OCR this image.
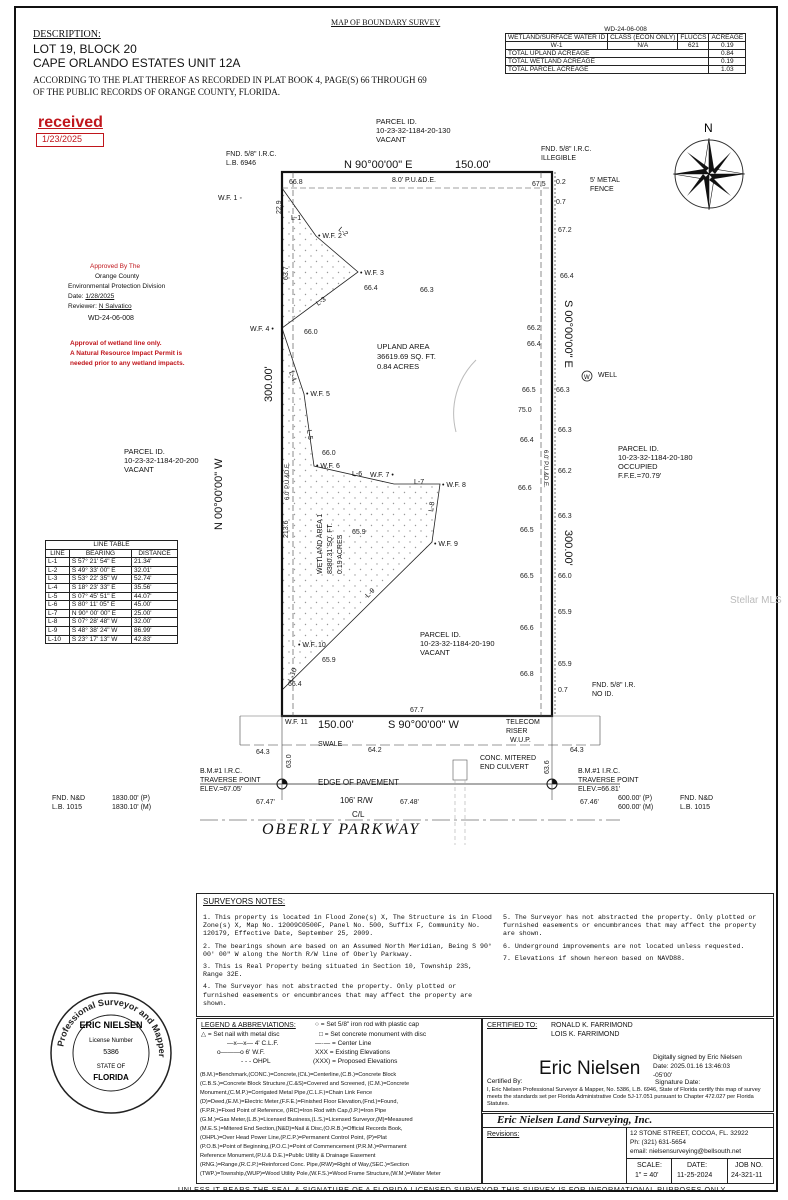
DESCRIPTION:
MAP OF BOUNDARY SURVEY
LOT 19, BLOCK 20
CAPE ORLANDO ESTATES UNIT 12A
ACCORDING TO THE PLAT THEREOF AS RECORDED IN PLAT BOOK 4, PAGE(S) 66 THROUGH 69
OF THE PUBLIC RECORDS OF ORANGE COUNTY, FLORIDA.
WD-24-06-008			
WETLAND/SURFACE WATER ID	CLASS (ECON ONLY)	FLUCCS	ACREAGE
W-1	N/A	621	0.19
TOTAL UPLAND ACREAGE			0.84
TOTAL WETLAND ACREAGE			0.19
TOTAL PARCEL ACREAGE			1.03
received
1/23/2025
Approved By The
Orange County
Environmental Protection Division
Date: 1/28/2025
Reviewer: N Salvatico
WD-24-06-008
Approval of wetland line only.
A Natural Resource Impact Permit is
needed prior to any wetland impacts.
W
N
W.F. 1 ◦
• W.F. 2
• W.F. 3
W.F. 4 •
• W.F. 5
• W.F. 6
W.F. 7 •
• W.F. 8
• W.F. 9
• W.F. 10
W.F. 11
L-1
L-2
L-3
L-4
L-5
L-6
L-7
L-8
L-9
L-10
66.8	67.5 0.2
22.9
66.4	66.3
66.0
0.7
67.2
66.4
66.2
66.4
66.5
75.0
66.3
66.4
66.3
66.2
66.6
66.3
66.5
66.0
66.5
65.9
66.6
65.9
66.8
0.7
66.0
65.9
65.9
66.4
63.7
213.6
67.7
64.3	64.2	64.3
63.0	63.6
67.47'	67.48'	67.46'
PARCEL ID.
10-23-32-1184-20-130
VACANT
FND. 5/8" I.R.C.
L.B. 6946
FND. 5/8" I.R.C.
ILLEGIBLE
N 90°00'00" E	150.00'
8.0' P.U.&D.E.	5' METAL
FENCE
UPLAND AREA
36619.69 SQ. FT.
0.84 ACRES
WELL
PARCEL ID.
10-23-32-1184-20-200
VACANT
PARCEL ID.
10-23-32-1184-20-180
OCCUPIED
F.F.E.=70.79'
PARCEL ID.
10-23-32-1184-20-190
VACANT
N 00°00'00" W
300.00'
S 00°00'00" E
300.00'
WETLAND AREA 1 8380.31 SQ. FT. 0.19 ACRES
6.0' P.U.&D.E.	6.0' P.U.&D.E.
150.00'	S 90°00'00" W
FND. 5/8" I.R.
NO ID.
TELECOM
RISER
W.U.P.
SWALE
CONC. MITERED
END CULVERT
B.M.#1 I.R.C.
TRAVERSE POINT
ELEV.=67.05'
B.M.#1 I.R.C.
TRAVERSE POINT
ELEV.=66.81'
EDGE OF PAVEMENT
FND. N&D
L.B. 1015
1830.00' (P)
1830.10' (M)
106' R/W
C/L
600.00' (P)
600.00' (M)
FND. N&D
L.B. 1015
OBERLY PARKWAY
Stellar MLS
LINE TABLE		
LINE	BEARING	DISTANCE
L-1	S 57° 21' 54" E	21.34'
L-2	S 49° 33' 00" E	32.01'
L-3	S 53° 22' 35" W	52.74'
L-4	S 18° 23' 33" E	35.56'
L-5	S 07° 45' 51" E	44.07'
L-6	S 80° 11' 05" E	45.00'
L-7	N 90° 00' 00" E	25.00'
L-8	S 07° 28' 48" W	32.00'
L-9	S 48° 38' 24" W	86.99'
L-10	S 23° 17' 13" W	42.83'
SURVEYORS NOTES:

1. This property is located in Flood Zone(s) X, The Structure is in Flood Zone(s) X, Map No. 12009C0500F, Panel No. 500, Suffix F, Community No. 120179, Effective Date, September 25, 2009.

2. The bearings shown are based on an Assumed North Meridian, Being S 90° 00' 00" W along the North R/W line of Oberly Parkway.

3. This is Real Property being situated in Section 10, Township 23S, Range 32E.

4. The Surveyor has not abstracted the property. Only plotted or furnished easements or encumbrances that may affect the property are shown.

5. The Surveyor has not abstracted the property. Only plotted or furnished easements or encumbrances that may affect the property are shown.

6. Underground improvements are not located unless requested.

7. Elevations if shown hereon based on NAVD88.

Professional Surveyor and Mapper
ERIC NIELSEN
License Number
5386
STATE OF
FLORIDA
LEGEND & ABBREVIATIONS:	○ = Set 5/8" iron rod with plastic cap
△ = Set nail with metal disc	□ = Set concrete monument with disc
—x—x— 4' C.L.F.	—·— = Center Line
o———o 6' W.F.	XXX = Existing Elevations
- - - OHPL	(XXX) = Proposed Elevations
(B.M.)=Benchmark,(CONC.)=Concrete,(C\L)=Centerline,(C.B.)=Concrete Block
(C.B.S.)=Concrete Block Structure,(C.&S)=Covered and Screened, (C.M.)=Concrete
Monument,(C.M.P.)=Corrigated Metal Pipe,(C.L.F.)=Chain Link Fence
(D)=Deed,(E.M.)=Electric Meter,(F.F.E.)=Finished Floor Elevation,(Fnd.)=Found,
(F.P.R.)=Fixed Point of Reference, (IRC)=Iron Rod with Cap,(I.P.)=Iron Pipe
(G.M.)=Gas Meter,(L.B.)=Licensed Business,(L.S.)=Licensed Surveyor,(M)=Measured
(M.E.S.)=Mitered End Section,(N&D)=Nail & Disc,(O.R.B.)=Official Records Book,
(OHPL)=Over Head Power Line,(P.C.P.)=Permanent Control Point, (P)=Plat
(P.O.B.)=Point of Beginning,(P.O.C.)=Point of Commencement (P.R.M.)=Permanent
Reference Monument,(P.U.& D.E.)=Public Utility & Drainage Easement
(RNG.)=Range,(R.C.P.)=Reinforced Conc. Pipe,(R\W)=Right of Way,(SEC.)=Section
(TWP.)=Township,(WUP)=Wood Utility Pole,(W.F.S.)=Wood Frame Structure,(W.M.)=Water Meter
CERTIFIED TO: RONALD K. FARRIMOND
LOIS K. FARRIMOND
Eric Nielsen
Digitally signed by Eric Nielsen
Date: 2025.01.16 13:46:03
-05'00'
Certified By:	Signature Date:
I, Eric Nielsen Professional Surveyor & Mapper, No. 5386, L.B. 6946, State of Florida certify this map of survey meets the standards set per Florida Administrative Code 5J-17.051 pursuant to Chapter 472.027 per Florida Statutes.
Eric Nielsen Land Surveying, Inc.
Revisions:	12 STONE STREET, COCOA, FL. 32922
Ph: (321) 631-5654
email: nielsensurveying@bellsouth.net
SCALE:
1" = 40'
DATE:
11-25-2024
JOB NO.
24-321-11
UNLESS IT BEARS THE SEAL & SIGNATURE OF A FLORIDA LICENSED SURVEYOR THIS SURVEY IS FOR INFORMATIONAL PURPOSES ONLY
